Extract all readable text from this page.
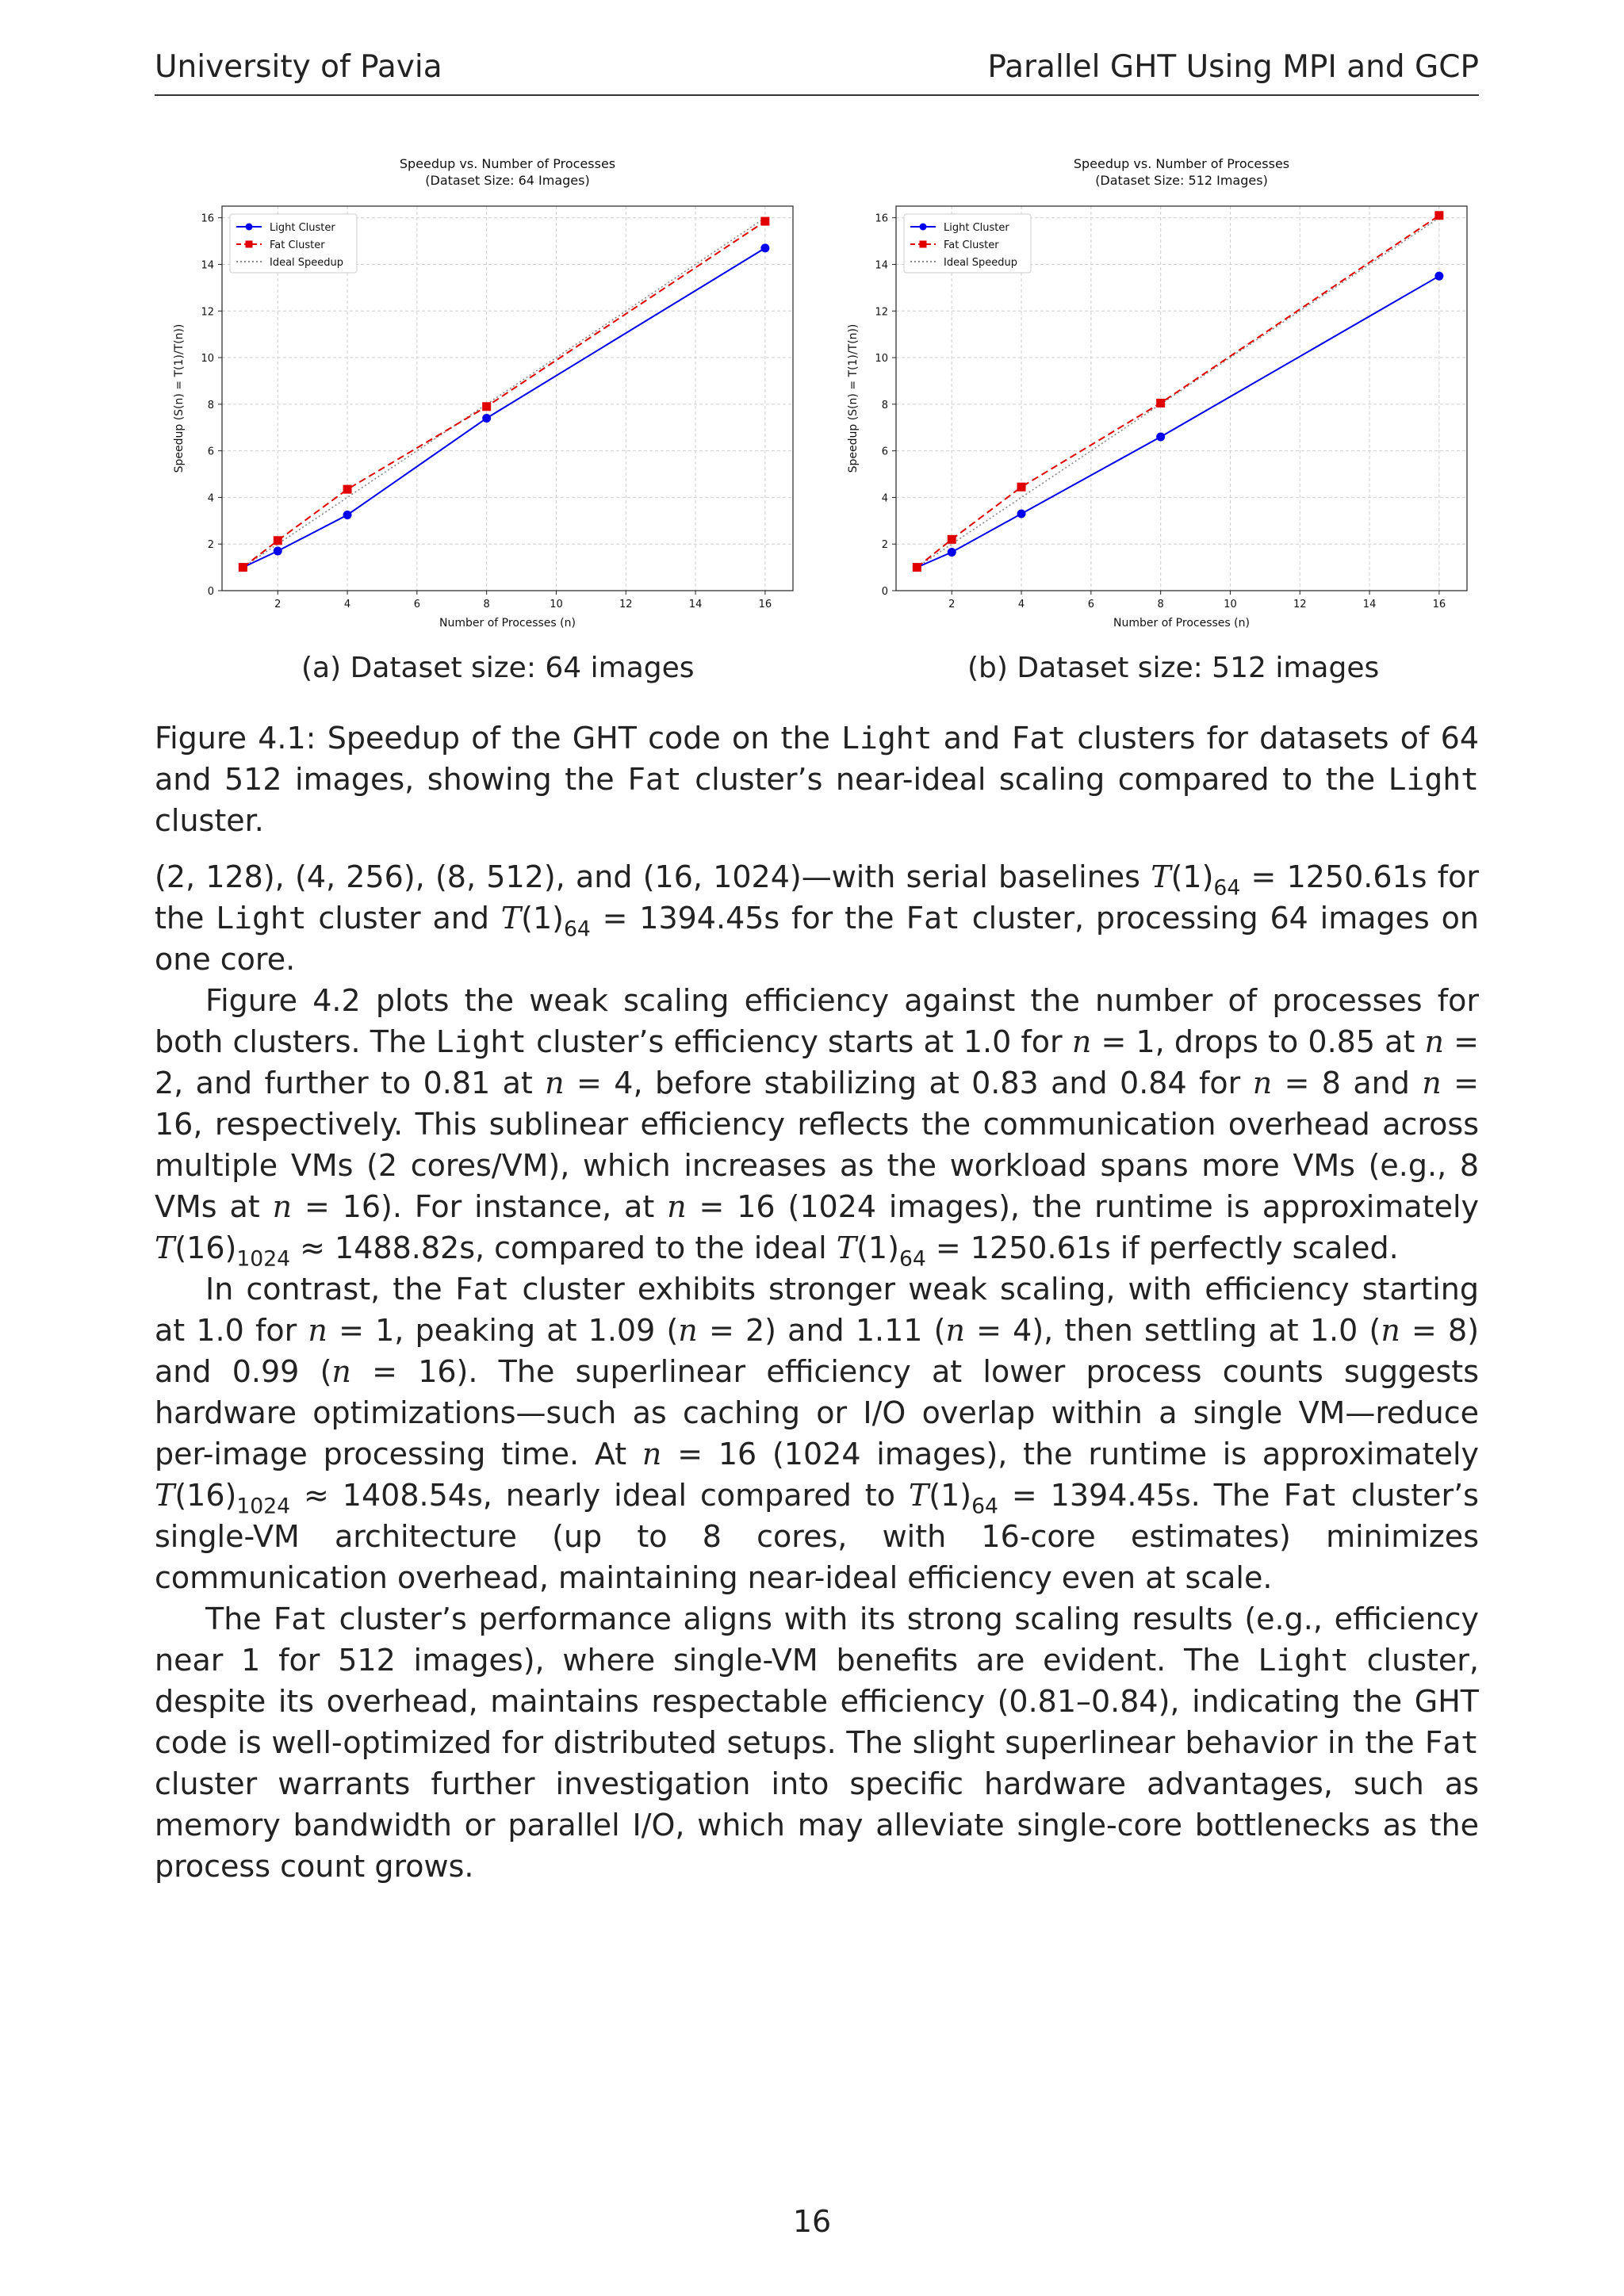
University of Pavia	Parallel GHT Using MPI and GCP
Speedup vs. Number of Processes
(Dataset Size: 64 Images)
2	4	6	8	10	12	14	16
0
2
4
6
8
10
12
14
16
Number of Processes (n)
Speedup (S(n) = T(1)/T(n))
Light Cluster
Fat Cluster
Ideal Speedup
Speedup vs. Number of Processes
(Dataset Size: 512 Images)
2	4	6	8	10	12	14	16
0
2
4
6
8
10
12
14
16
Number of Processes (n)
Speedup (S(n) = T(1)/T(n))
Light Cluster
Fat Cluster
Ideal Speedup
(a) Dataset size: 64 images	(b) Dataset size: 512 images
Figure 4.1: Speedup of the GHT code on the Light and Fat clusters for datasets of 64 and 512 images, showing the Fat cluster’s near-ideal scaling compared to the Light cluster.

(2, 128), (4, 256), (8, 512), and (16, 1024)—with serial baselines $T(1)_{64} = 1250.61s$ for the Light cluster and $T(1)_{64} = 1394.45s$ for the Fat cluster, processing 64 images on one core.

Figure 4.2 plots the weak scaling efficiency against the number of processes for both clusters. The Light cluster’s efficiency starts at 1.0 for n = 1, drops to 0.85 at n = 2, and further to 0.81 at n = 4, before stabilizing at 0.83 and 0.84 for n = 8 and n = 16, respectively. This sublinear efficiency reflects the communication overhead across multiple VMs (2 cores/VM), which increases as the workload spans more VMs (e.g., 8 VMs at n = 16). For instance, at n = 16 (1024 images), the runtime is approximately $T(16)_{1024} \approx 1488.82s$, compared to the ideal $T(1)_{64} = 1250.61s$ if perfectly scaled.

In contrast, the Fat cluster exhibits stronger weak scaling, with efficiency starting at 1.0 for n = 1, peaking at 1.09 (n = 2) and 1.11 (n = 4), then settling at 1.0 (n = 8) and 0.99 (n = 16). The superlinear efficiency at lower process counts suggests hardware optimizations—such as caching or I/O overlap within a single VM—reduce per-image processing time. At n = 16 (1024 images), the runtime is approximately $T(16)_{1024} \approx 1408.54s$, nearly ideal compared to $T(1)_{64} = 1394.45s$. The Fat cluster’s single-VM architecture (up to 8 cores, with 16-core estimates) minimizes communication overhead, maintaining near-ideal efficiency even at scale.

The Fat cluster’s performance aligns with its strong scaling results (e.g., efficiency near 1 for 512 images), where single-VM benefits are evident. The Light cluster, despite its overhead, maintains respectable efficiency (0.81–0.84), indicating the GHT code is well-optimized for distributed setups. The slight superlinear behavior in the Fat cluster warrants further investigation into specific hardware advantages, such as memory bandwidth or parallel I/O, which may alleviate single-core bottlenecks as the process count grows.

16
